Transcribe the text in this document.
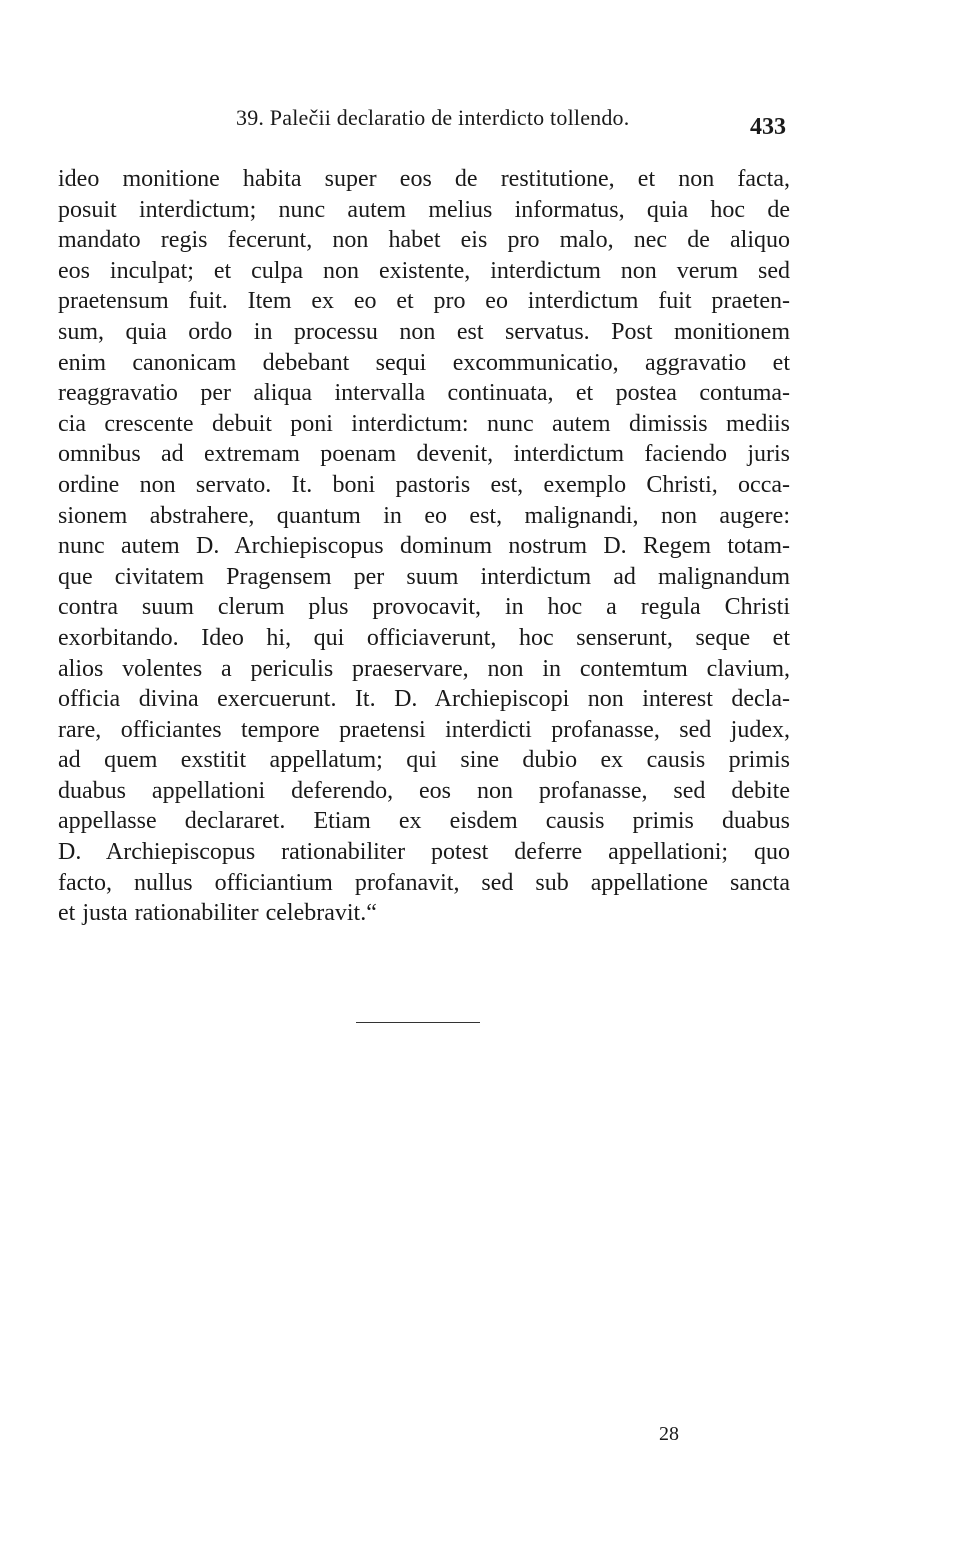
39. Palečii declaratio de interdicto tollendo.	433
ideo monitione habita super eos de restitutione, et non facta,
posuit interdictum; nunc autem melius informatus, quia hoc de
mandato regis fecerunt, non habet eis pro malo, nec de aliquo
eos inculpat; et culpa non existente, interdictum non verum sed
praetensum fuit. Item ex eo et pro eo interdictum fuit praeten-
sum, quia ordo in processu non est servatus. Post monitionem
enim canonicam debebant sequi excommunicatio, aggravatio et
reaggravatio per aliqua intervalla continuata, et postea contuma-
cia crescente debuit poni interdictum: nunc autem dimissis mediis
omnibus ad extremam poenam devenit, interdictum faciendo juris
ordine non servato. It. boni pastoris est, exemplo Christi, occa-
sionem abstrahere, quantum in eo est, malignandi, non augere:
nunc autem D. Archiepiscopus dominum nostrum D. Regem totam-
que civitatem Pragensem per suum interdictum ad malignandum
contra suum clerum plus provocavit, in hoc a regula Christi
exorbitando. Ideo hi, qui officiaverunt, hoc senserunt, seque et
alios volentes a periculis praeservare, non in contemtum clavium,
officia divina exercuerunt. It. D. Archiepiscopi non interest decla-
rare, officiantes tempore praetensi interdicti profanasse, sed judex,
ad quem exstitit appellatum; qui sine dubio ex causis primis
duabus appellationi deferendo, eos non profanasse, sed debite
appellasse declararet. Etiam ex eisdem causis primis duabus
D. Archiepiscopus rationabiliter potest deferre appellationi; quo
facto, nullus officiantium profanavit, sed sub appellatione sancta
et justa rationabiliter celebravit.“
28
